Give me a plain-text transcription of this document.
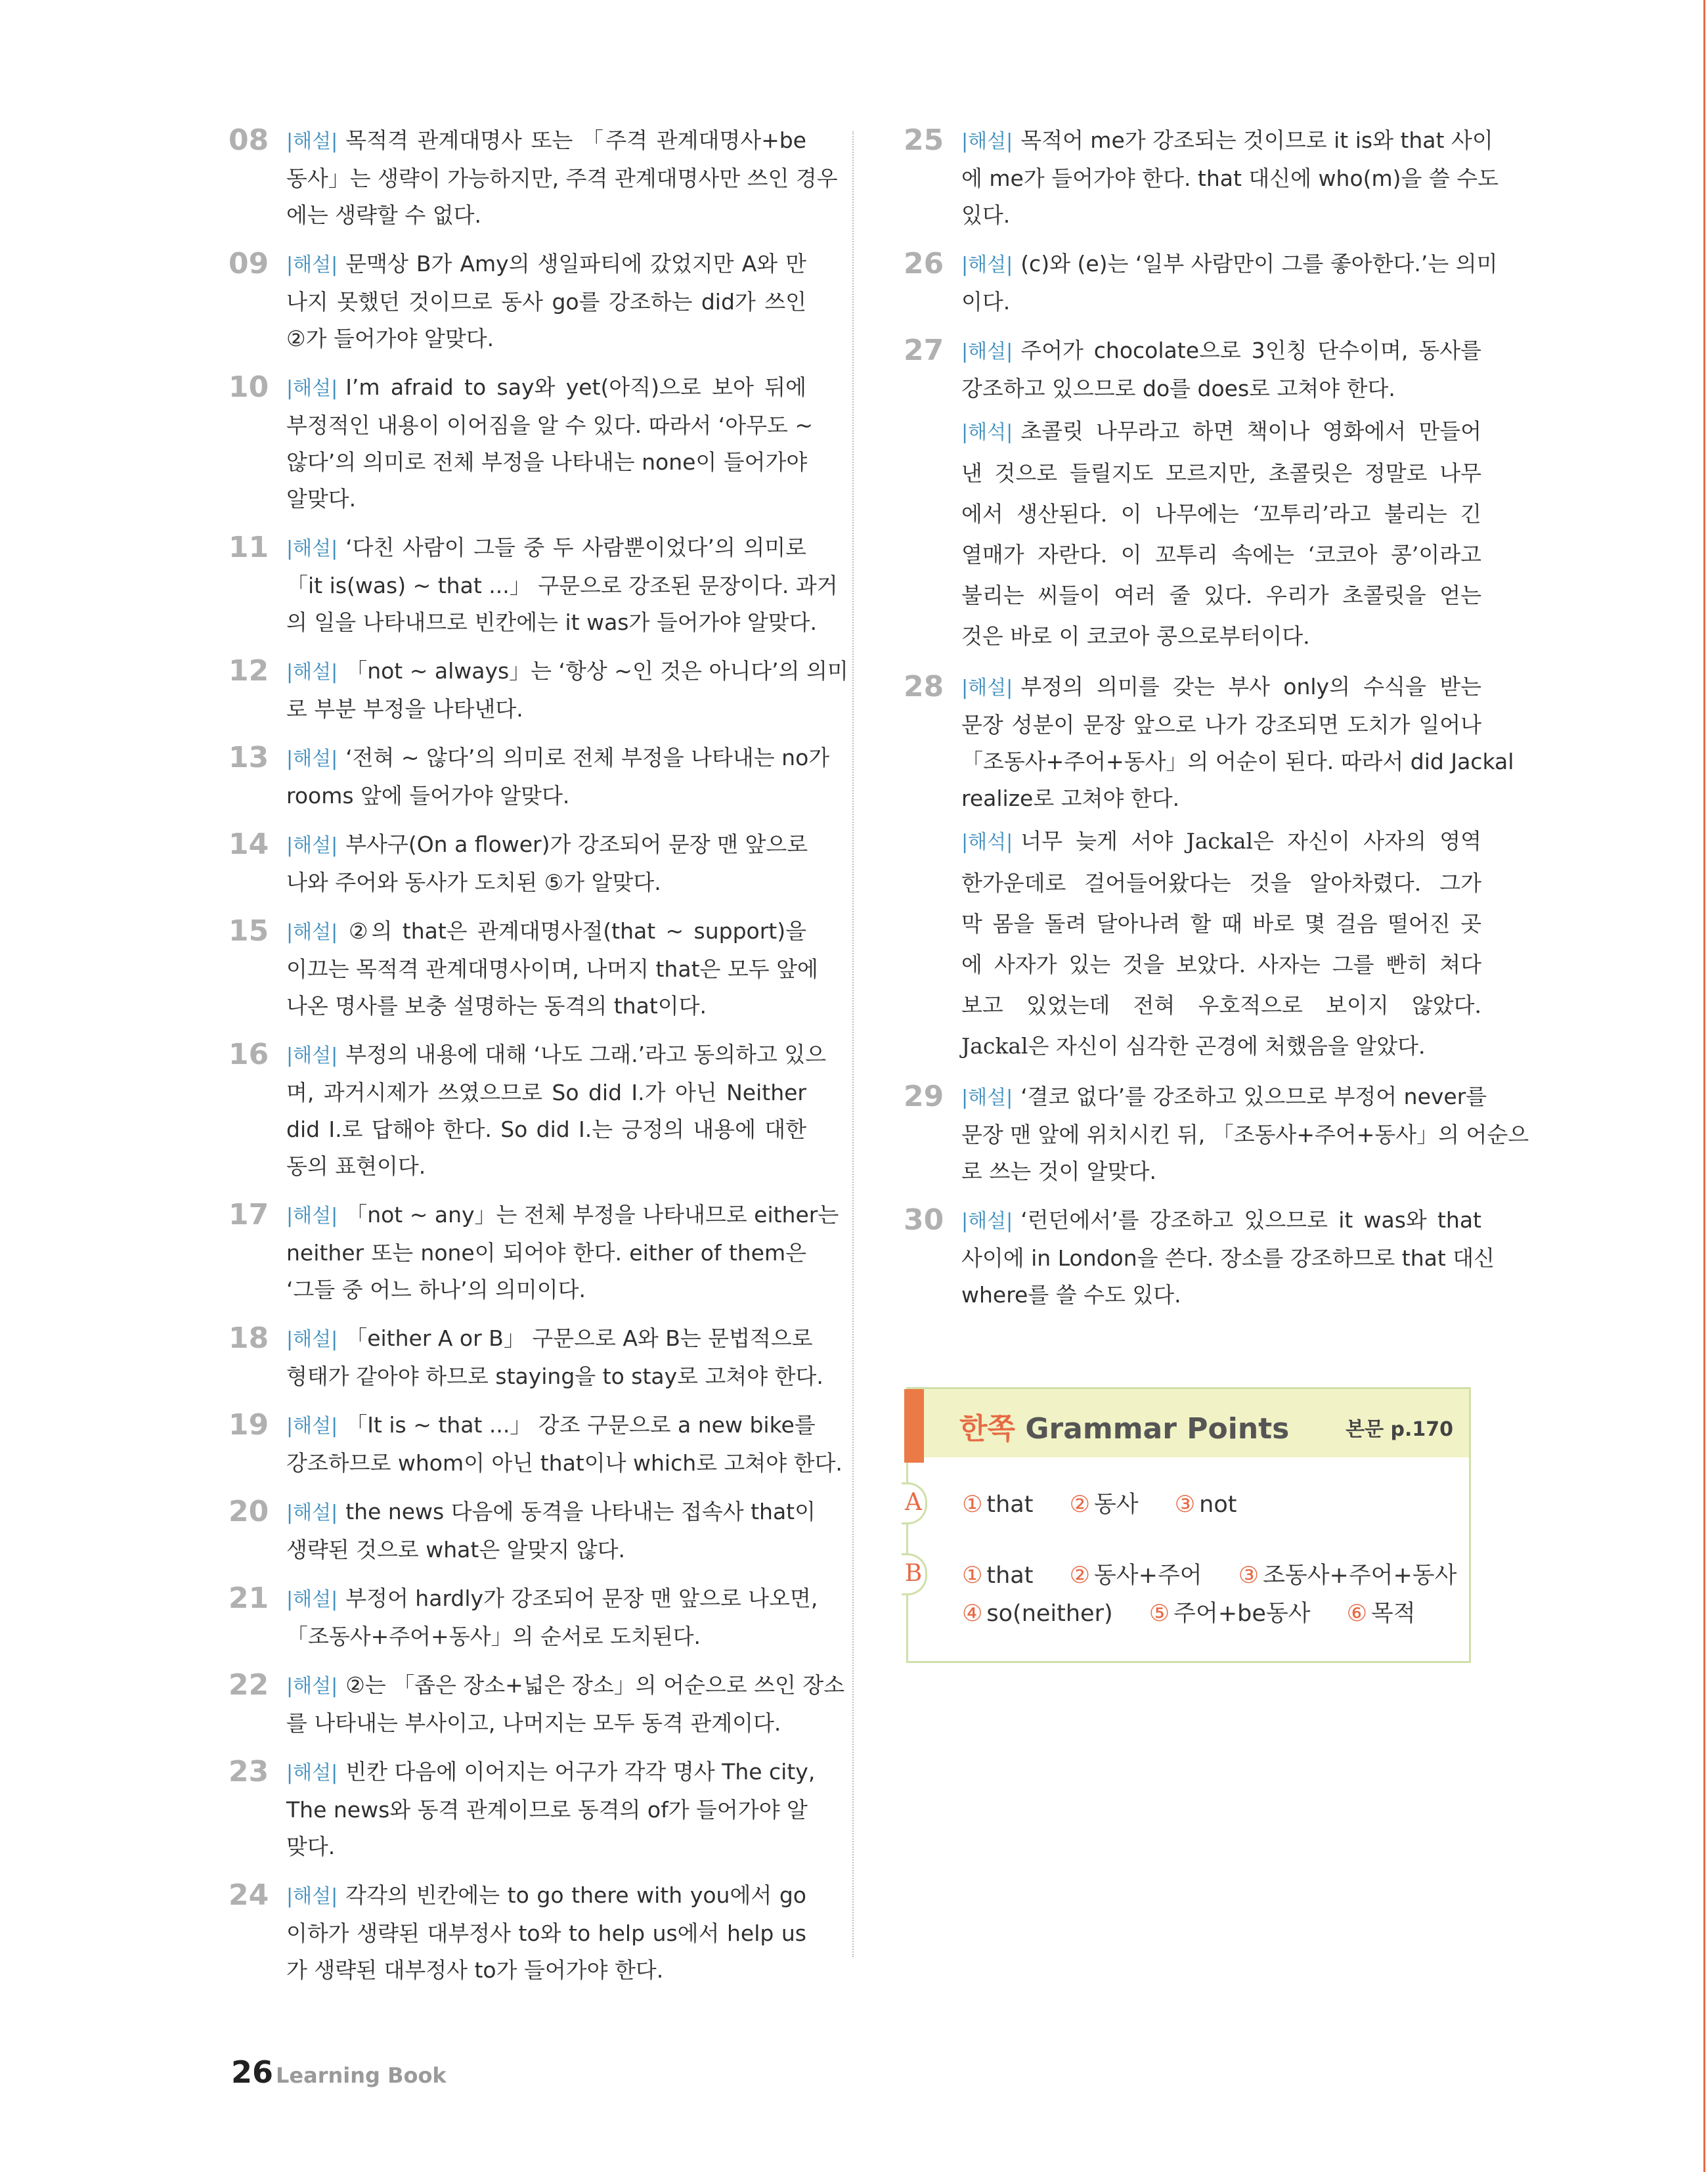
08 |해설| 목적격 관계대명사 또는 「주격 관계대명사+be
동사」는 생략이 가능하지만, 주격 관계대명사만 쓰인 경우
에는 생략할 수 없다.
09 |해설| 문맥상 B가 Amy의 생일파티에 갔었지만 A와 만
나지 못했던 것이므로 동사 go를 강조하는 did가 쓰인
②가 들어가야 알맞다.
10 |해설| I’m afraid to say와 yet(아직)으로 보아 뒤에
부정적인 내용이 이어짐을 알 수 있다. 따라서 ‘아무도 ~
않다’의 의미로 전체 부정을 나타내는 none이 들어가야
알맞다.
11 |해설| ‘다친 사람이 그들 중 두 사람뿐이었다’의 의미로
「it is(was) ~ that ...」 구문으로 강조된 문장이다. 과거
의 일을 나타내므로 빈칸에는 it was가 들어가야 알맞다.
12 |해설| 「not ~ always」는 ‘항상 ~인 것은 아니다’의 의미
로 부분 부정을 나타낸다.
13 |해설| ‘전혀 ~ 않다’의 의미로 전체 부정을 나타내는 no가
rooms 앞에 들어가야 알맞다.
14 |해설| 부사구(On a flower)가 강조되어 문장 맨 앞으로
나와 주어와 동사가 도치된 ⑤가 알맞다.
15 |해설| ②의 that은 관계대명사절(that ~ support)을
이끄는 목적격 관계대명사이며, 나머지 that은 모두 앞에
나온 명사를 보충 설명하는 동격의 that이다.
16 |해설| 부정의 내용에 대해 ‘나도 그래.’라고 동의하고 있으
며, 과거시제가 쓰였으므로 So did I.가 아닌 Neither
did I.로 답해야 한다. So did I.는 긍정의 내용에 대한
동의 표현이다.
17 |해설| 「not ~ any」는 전체 부정을 나타내므로 either는
neither 또는 none이 되어야 한다. either of them은
‘그들 중 어느 하나’의 의미이다.
18 |해설| 「either A or B」 구문으로 A와 B는 문법적으로
형태가 같아야 하므로 staying을 to stay로 고쳐야 한다.
19 |해설| 「It is ~ that ...」 강조 구문으로 a new bike를
강조하므로 whom이 아닌 that이나 which로 고쳐야 한다.
20 |해설| the news 다음에 동격을 나타내는 접속사 that이
생략된 것으로 what은 알맞지 않다.
21 |해설| 부정어 hardly가 강조되어 문장 맨 앞으로 나오면,
「조동사+주어+동사」의 순서로 도치된다.
22 |해설| ②는 「좁은 장소+넓은 장소」의 어순으로 쓰인 장소
를 나타내는 부사이고, 나머지는 모두 동격 관계이다.
23 |해설| 빈칸 다음에 이어지는 어구가 각각 명사 The city,
The news와 동격 관계이므로 동격의 of가 들어가야 알
맞다.
24 |해설| 각각의 빈칸에는 to go there with you에서 go
이하가 생략된 대부정사 to와 to help us에서 help us
가 생략된 대부정사 to가 들어가야 한다.
25 |해설| 목적어 me가 강조되는 것이므로 it is와 that 사이
에 me가 들어가야 한다. that 대신에 who(m)을 쓸 수도
있다.
26 |해설| (c)와 (e)는 ‘일부 사람만이 그를 좋아한다.’는 의미
이다.
27 |해설| 주어가 chocolate으로 3인칭 단수이며, 동사를
강조하고 있으므로 do를 does로 고쳐야 한다.
|해석| 초콜릿 나무라고 하면 책이나 영화에서 만들어
낸 것으로 들릴지도 모르지만, 초콜릿은 정말로 나무
에서 생산된다. 이 나무에는 ‘꼬투리’라고 불리는 긴
열매가 자란다. 이 꼬투리 속에는 ‘코코아 콩’이라고
불리는 씨들이 여러 줄 있다. 우리가 초콜릿을 얻는
것은 바로 이 코코아 콩으로부터이다.
28 |해설| 부정의 의미를 갖는 부사 only의 수식을 받는
문장 성분이 문장 앞으로 나가 강조되면 도치가 일어나
「조동사+주어+동사」의 어순이 된다. 따라서 did Jackal
realize로 고쳐야 한다.
|해석| 너무 늦게 서야 Jackal은 자신이 사자의 영역
한가운데로 걸어들어왔다는 것을 알아차렸다. 그가
막 몸을 돌려 달아나려 할 때 바로 몇 걸음 떨어진 곳
에 사자가 있는 것을 보았다. 사자는 그를 빤히 쳐다
보고 있었는데 전혀 우호적으로 보이지 않았다.
Jackal은 자신이 심각한 곤경에 처했음을 알았다.
29 |해설| ‘결코 없다’를 강조하고 있으므로 부정어 never를
문장 맨 앞에 위치시킨 뒤, 「조동사+주어+동사」의 어순으
로 쓰는 것이 알맞다.
30 |해설| ‘런던에서’를 강조하고 있으므로 it was와 that
사이에 in London을 쓴다. 장소를 강조하므로 that 대신
where를 쓸 수도 있다.
한쪽 Grammar Points	본문 p.170
A ① that ② 동사 ③ not
B ① that ② 동사+주어 ③ 조동사+주어+동사
④ so(neither) ⑤ 주어+be동사 ⑥ 목적
26 Learning Book
